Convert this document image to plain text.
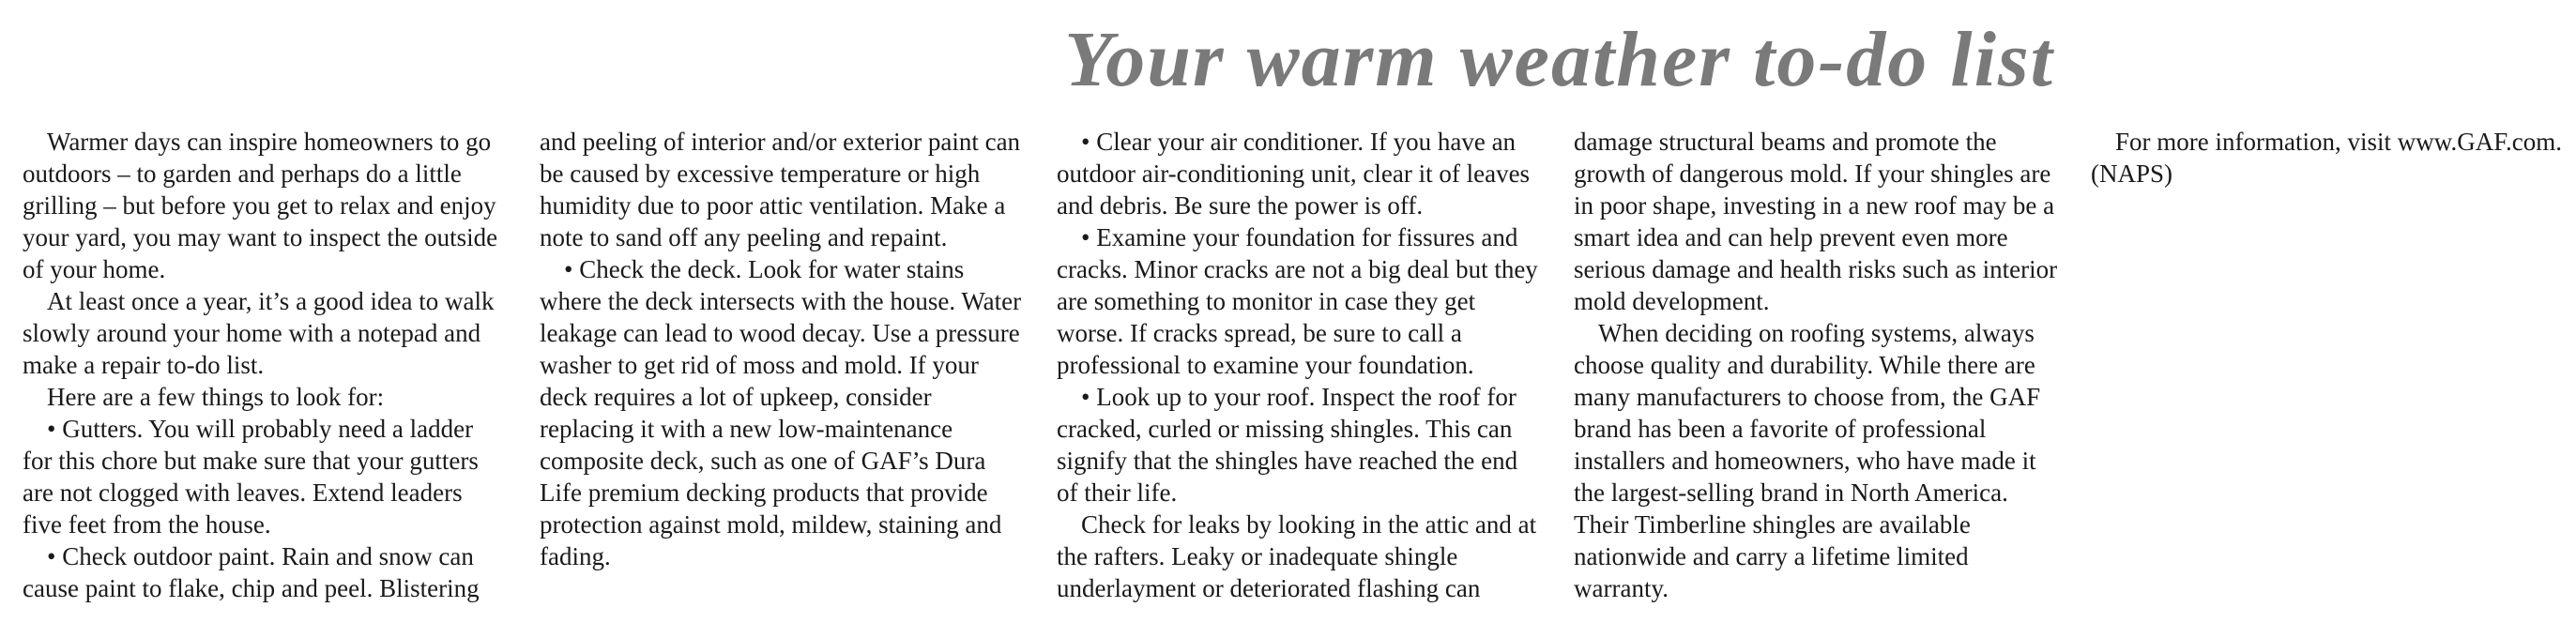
Your warm weather to-do list

Warmer days can inspire homeowners to go outdoors – to garden and perhaps do a little grilling – but before you get to relax and enjoy your yard, you may want to inspect the outside of your home.

At least once a year, it’s a good idea to walk slowly around your home with a notepad and make a repair to-do list.

Here are a few things to look for:

• Gutters. You will probably need a ladder for this chore but make sure that your gutters are not clogged with leaves. Extend leaders five feet from the house.

• Check outdoor paint. Rain and snow can cause paint to flake, chip and peel. Blistering and peeling of interior and/or exterior paint can be caused by excessive temperature or high humidity due to poor attic ventilation. Make a note to sand off any peeling and repaint.

• Check the deck. Look for water stains where the deck intersects with the house. Water leakage can lead to wood decay. Use a pressure washer to get rid of moss and mold. If your deck requires a lot of upkeep, consider replacing it with a new low-maintenance composite deck, such as one of GAF’s Dura Life premium decking products that provide protection against mold, mildew, staining and fading.

• Clear your air conditioner. If you have an outdoor air-conditioning unit, clear it of leaves and debris. Be sure the power is off.

• Examine your foundation for fissures and cracks. Minor cracks are not a big deal but they are something to monitor in case they get worse. If cracks spread, be sure to call a professional to examine your foundation.

• Look up to your roof. Inspect the roof for cracked, curled or missing shingles. This can signify that the shingles have reached the end of their life.

Check for leaks by looking in the attic and at the rafters. Leaky or inadequate shingle underlayment or deteriorated flashing can damage structural beams and promote the growth of dangerous mold. If your shingles are in poor shape, investing in a new roof may be a smart idea and can help prevent even more serious damage and health risks such as interior mold development.

When deciding on roofing systems, always choose quality and durability. While there are many manufacturers to choose from, the GAF brand has been a favorite of professional installers and homeowners, who have made it the largest-selling brand in North America. Their Timberline shingles are available nationwide and carry a lifetime limited warranty.

For more information, visit www.GAF.com. (NAPS)
